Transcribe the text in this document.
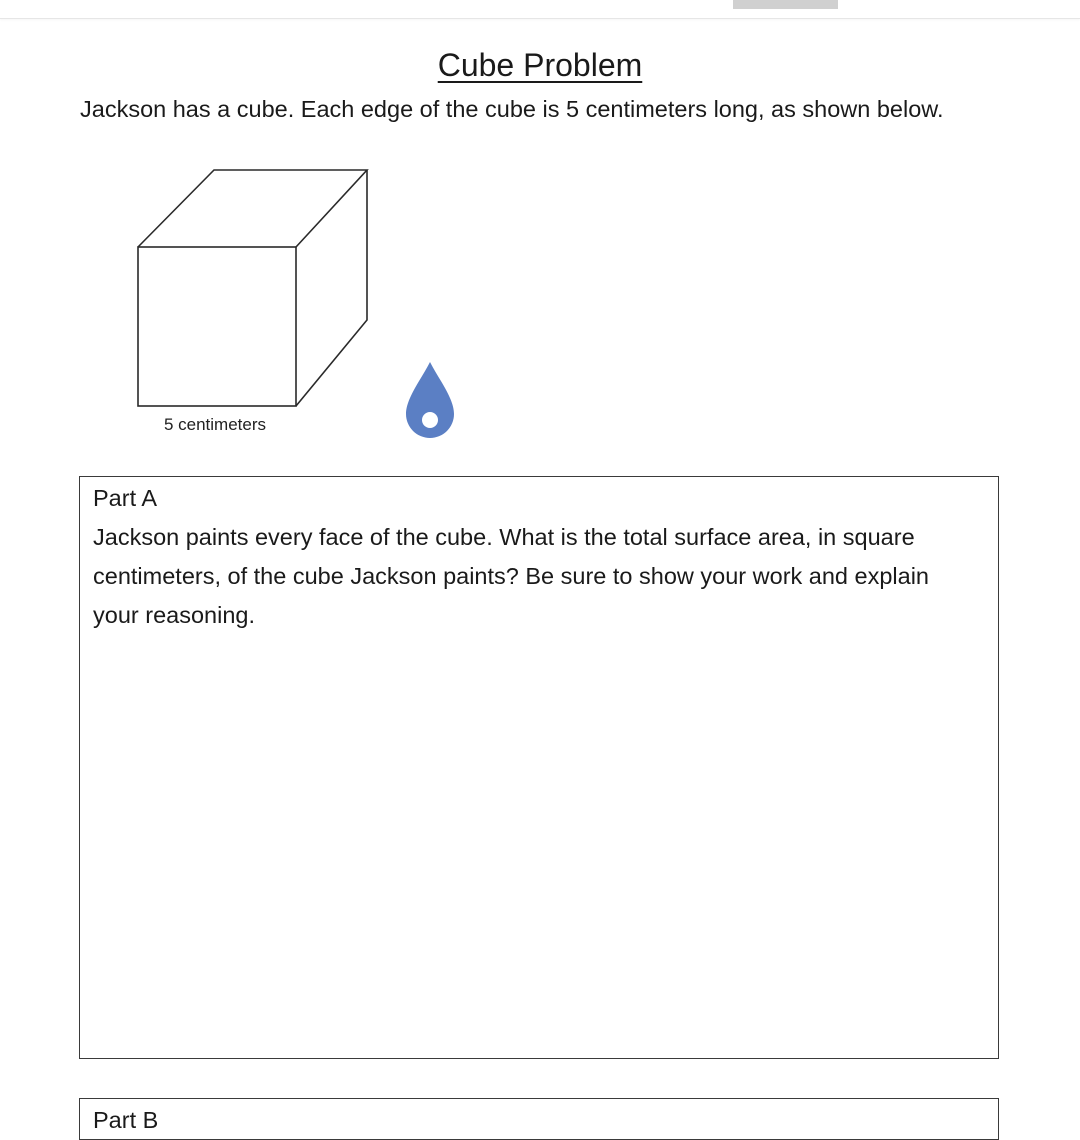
Cube Problem

Jackson has a cube. Each edge of the cube is 5 centimeters long, as shown below.

5 centimeters
Part A

Jackson paints every face of the cube. What is the total surface area, in square centimeters, of the cube Jackson paints? Be sure to show your work and explain your reasoning.

Part B
